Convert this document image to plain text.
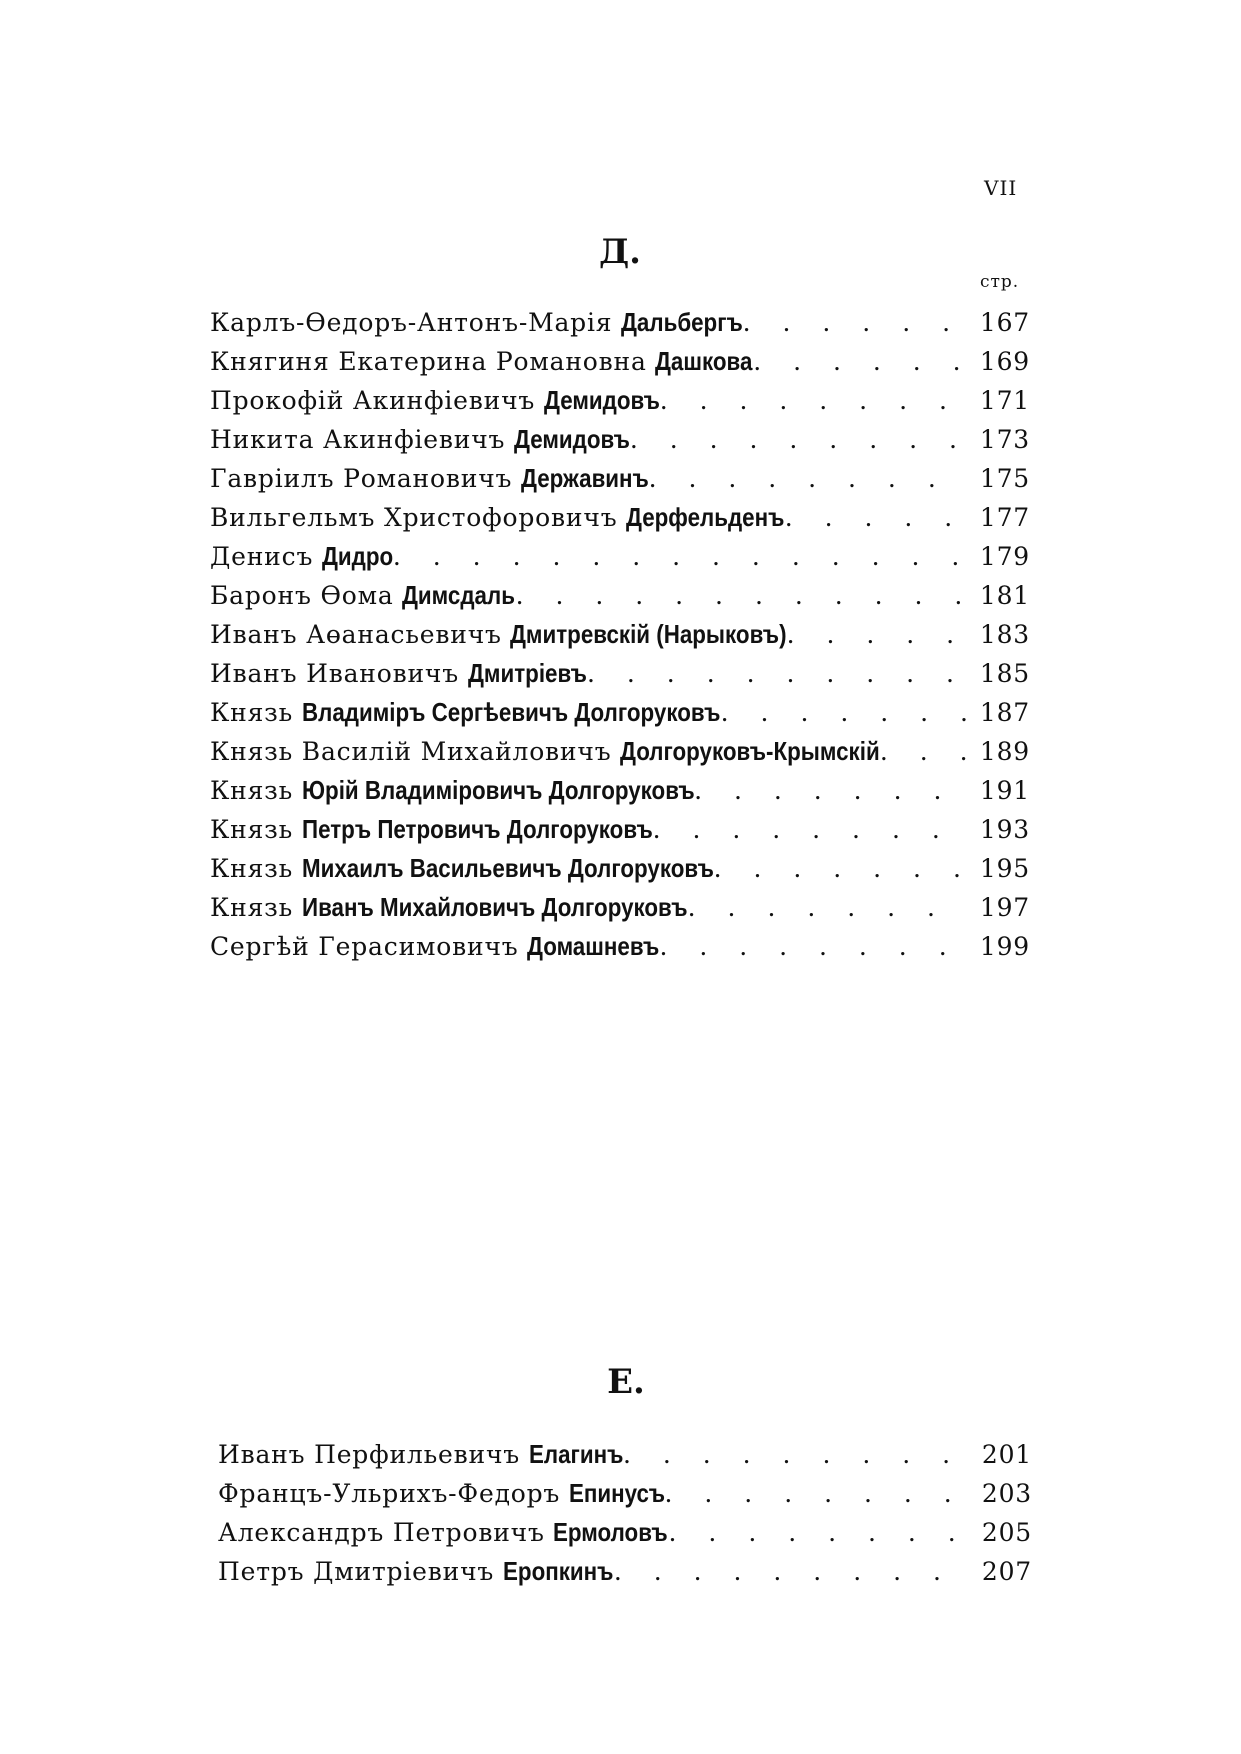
VII
Д.
стр.
Карлъ-Өедоръ-Антонъ-Марія Дальбергъ . . .	167
Княгиня Екатерина Романовна Дашкова . . .	169
Прокофій Акинфіевичъ Демидовъ . . .	171
Никита Акинфіевичъ Демидовъ . . .	173
Гавріилъ Романовичъ Державинъ . . .	175
Вильгельмъ Христофоровичъ Дерфельденъ . . .	177
Денисъ Дидро . . .	179
Баронъ Өома Димсдаль . . .	181
Иванъ Аөанасьевичъ Дмитревскій (Нарыковъ) . . .	183
Иванъ Ивановичъ Дмитріевъ . . .	185
Князь Владиміръ Сергѣевичъ Долгоруковъ . . .	187
Князь Василій Михайловичъ Долгоруковъ-Крымскій . . .	189
Князь Юрій Владиміровичъ Долгоруковъ . . .	191
Князь Петръ Петровичъ Долгоруковъ . . .	193
Князь Михаилъ Васильевичъ Долгоруковъ . . .	195
Князь Иванъ Михайловичъ Долгоруковъ . . .	197
Сергѣй Герасимовичъ Домашневъ . . .	199
Е.
Иванъ Перфильевичъ Елагинъ . . .	201
Францъ-Ульрихъ-Федоръ Епинусъ . . .	203
Александръ Петровичъ Ермоловъ . . .	205
Петръ Дмитріевичъ Еропкинъ . . .	207
